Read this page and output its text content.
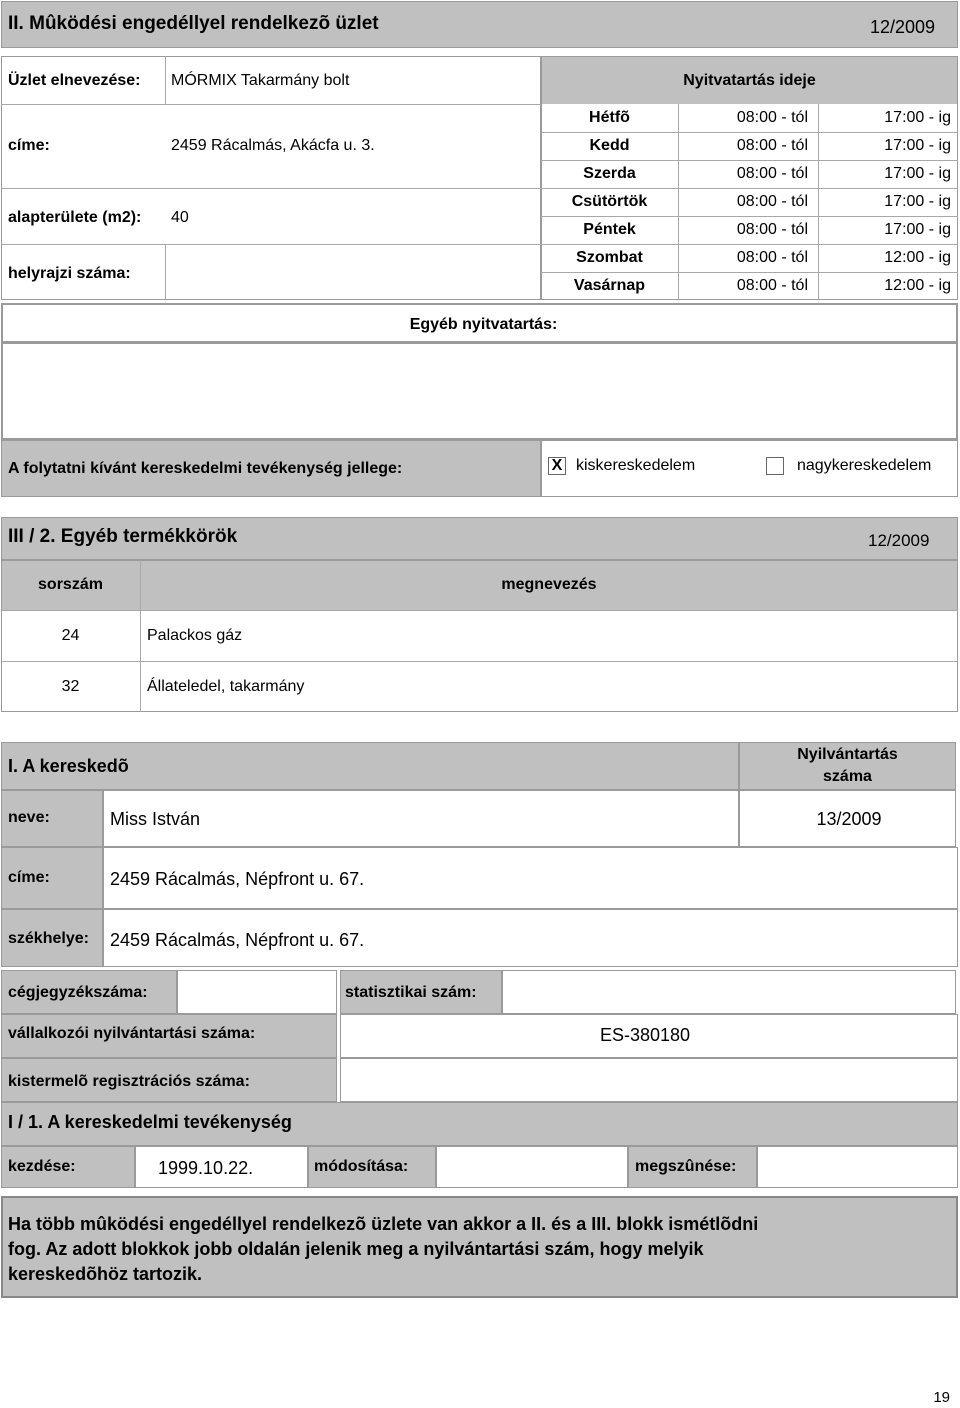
II. Mûködési engedéllyel rendelkezõ üzlet	12/2009
Üzlet elnevezése: MÓRMIX Takarmány bolt
címe:	2459 Rácalmás, Akácfa u. 3.
alapterülete (m2): 40
helyrajzi száma:
Nyitvatartás ideje
Hétfõ	08:00 - tól	17:00 - ig
Kedd	08:00 - tól	17:00 - ig
Szerda	08:00 - tól	17:00 - ig
Csütörtök	08:00 - tól	17:00 - ig
Péntek	08:00 - tól	17:00 - ig
Szombat	08:00 - tól	12:00 - ig
Vasárnap	08:00 - tól	12:00 - ig
Egyéb nyitvatartás:
A folytatni kívánt kereskedelmi tevékenység jellege:	X kiskereskedelem	nagykereskedelem
III / 2. Egyéb termékkörök	12/2009
sorszám	megnevezés
24	Palackos gáz
32	Állateledel, takarmány
I. A kereskedõ
Nyilvántartás
száma
neve:	Miss István	13/2009
címe:	2459 Rácalmás, Népfront u. 67.
székhelye: 2459 Rácalmás, Népfront u. 67.
cégjegyzékszáma:	statisztikai szám:
vállalkozói nyilvántartási száma:	ES-380180
kistermelõ regisztrációs száma:
I / 1. A kereskedelmi tevékenység
kezdése:	1999.10.22.	módosítása:	megszûnése:
Ha több mûködési engedéllyel rendelkezõ üzlete van akkor a II. és a III. blokk ismétlõdni
fog. Az adott blokkok jobb oldalán jelenik meg a nyilvántartási szám, hogy melyik
kereskedõhöz tartozik.
19
